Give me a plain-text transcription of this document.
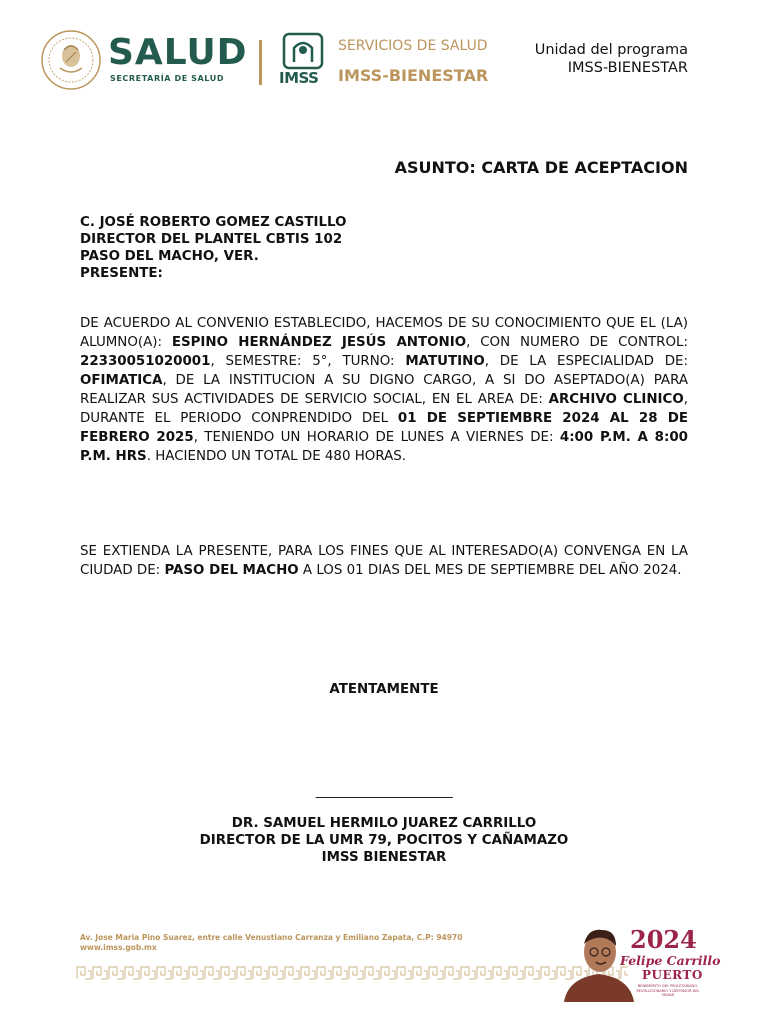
SALUD
SECRETARÍA DE SALUD	IMSS
SERVICIOS DE SALUD
IMSS-BIENESTAR
Unidad del programa
IMSS-BIENESTAR
ASUNTO: CARTA DE ACEPTACION
C. JOSÉ ROBERTO GOMEZ CASTILLO
DIRECTOR DEL PLANTEL CBTIS 102
PASO DEL MACHO, VER.
PRESENTE:
DE ACUERDO AL CONVENIO ESTABLECIDO, HACEMOS DE SU CONOCIMIENTO QUE EL (LA) ALUMNO(A): ESPINO HERNÁNDEZ JESÚS ANTONIO, CON NUMERO DE CONTROL: 22330051020001, SEMESTRE: 5°, TURNO: MATUTINO, DE LA ESPECIALIDAD DE: OFIMATICA, DE LA INSTITUCION A SU DIGNO CARGO, A SI DO ASEPTADO(A) PARA REALIZAR SUS ACTIVIDADES DE SERVICIO SOCIAL, EN EL AREA DE: ARCHIVO CLINICO, DURANTE EL PERIODO CONPRENDIDO DEL 01 DE SEPTIEMBRE 2024 AL 28 DE FEBRERO 2025, TENIENDO UN HORARIO DE LUNES A VIERNES DE: 4:00 P.M. A 8:00 P.M. HRS. HACIENDO UN TOTAL DE 480 HORAS.
SE EXTIENDA LA PRESENTE, PARA LOS FINES QUE AL INTERESADO(A) CONVENGA EN LA CIUDAD DE: PASO DEL MACHO A LOS 01 DIAS DEL MES DE SEPTIEMBRE DEL AÑO 2024.
ATENTAMENTE
______________________
DR. SAMUEL HERMILO JUAREZ CARRILLO
DIRECTOR DE LA UMR 79, POCITOS Y CAÑAMAZO
IMSS BIENESTAR
Av. Jose Maria Pino Suarez, entre calle Venustiano Carranza y Emiliano Zapata, C.P: 94970
www.imss.gob.mx	2024
Felipe Carrillo
PUERTO
BENEMÉRITO DEL PROLETARIADO, REVOLUCIONARIO Y DEFENSOR DEL MAYAB
